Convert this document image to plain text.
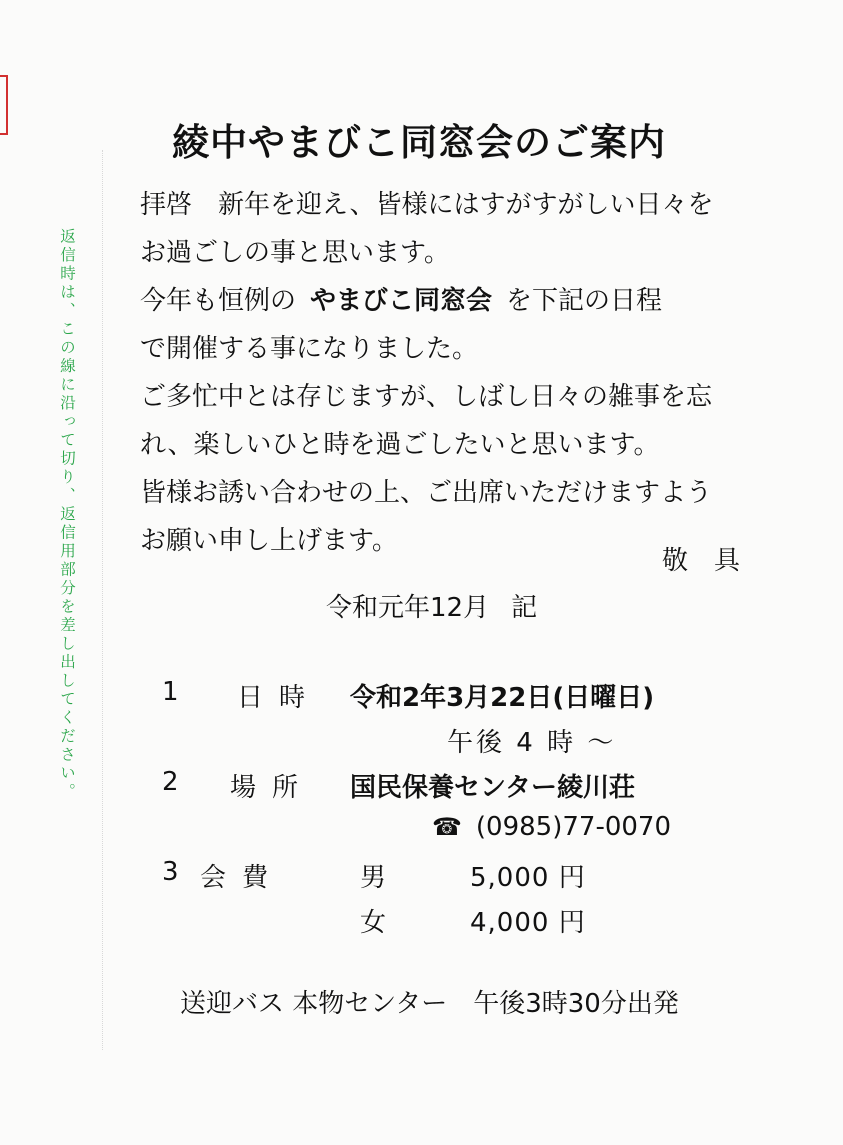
返信時は、この線に沿って切り、返信用部分を差し出してください。
綾中やまびこ同窓会のご案内
拝啓　新年を迎え、皆様にはすがすがしい日々を
お過ごしの事と思います。
今年も恒例の やまびこ同窓会 を下記の日程
で開催する事になりました。
ご多忙中とは存じますが、しばし日々の雑事を忘
れ、楽しいひと時を過ごしたいと思います。
皆様お誘い合わせの上、ご出席いただけますよう
お願い申し上げます。
敬具
令和元年12月 記
1 日時 令和2年3月22日(日曜日)
午後 4 時 ～
2 場所 国民保養センター綾川荘
☎ (0985)77-0070
3 会費	男	5,000 円
女	4,000 円
送迎バス 本物センター　午後3時30分出発
